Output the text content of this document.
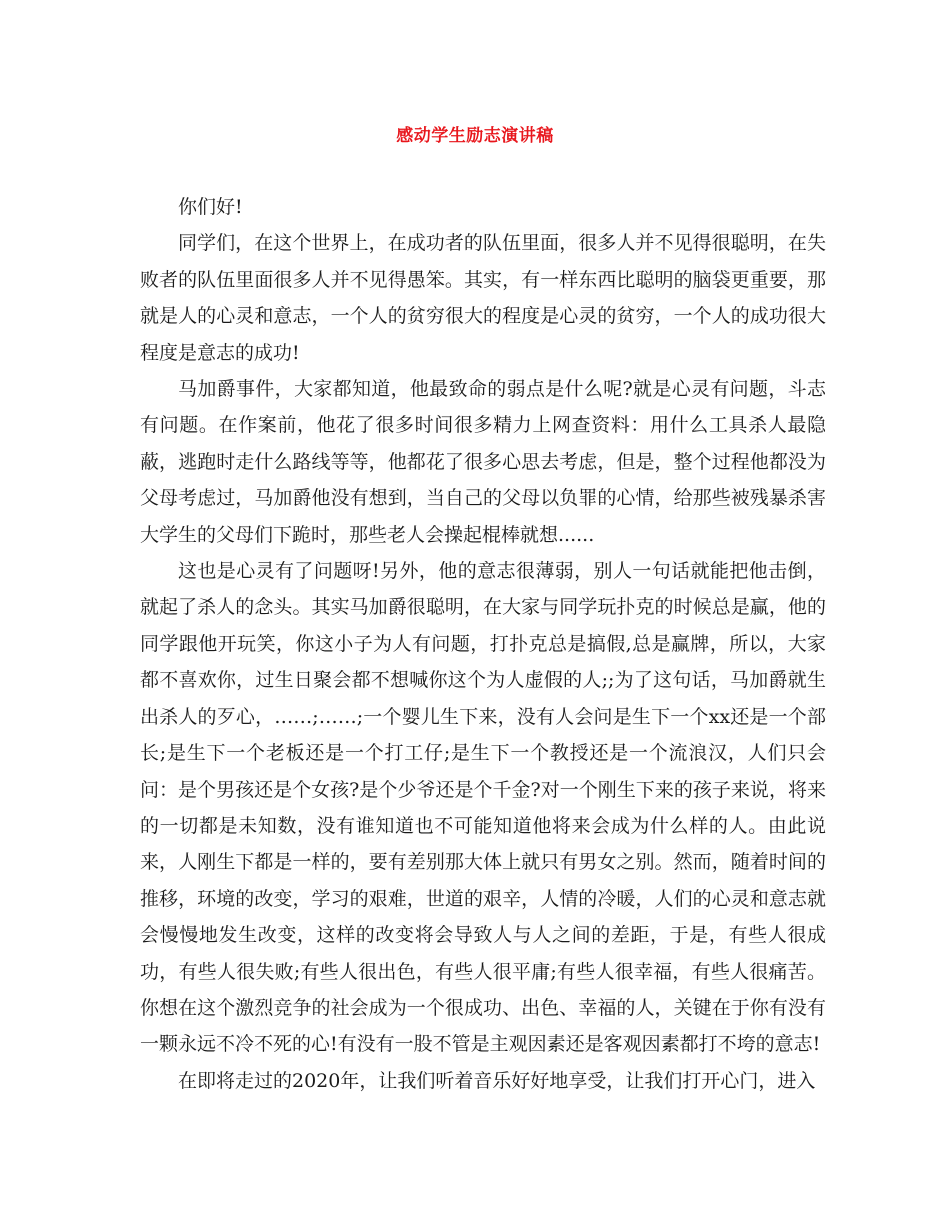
感动学生励志演讲稿

你们好!

同学们，在这个世界上，在成功者的队伍里面，很多人并不见得很聪明，在失败者的队伍里面很多人并不见得愚笨。其实，有一样东西比聪明的脑袋更重要，那就是人的心灵和意志，一个人的贫穷很大的程度是心灵的贫穷，一个人的成功很大程度是意志的成功!

马加爵事件，大家都知道，他最致命的弱点是什么呢?就是心灵有问题，斗志有问题。在作案前，他花了很多时间很多精力上网查资料：用什么工具杀人最隐蔽，逃跑时走什么路线等等，他都花了很多心思去考虑，但是，整个过程他都没为父母考虑过，马加爵他没有想到，当自己的父母以负罪的心情，给那些被残暴杀害大学生的父母们下跪时，那些老人会操起棍棒就想......

这也是心灵有了问题呀!另外，他的意志很薄弱，别人一句话就能把他击倒，就起了杀人的念头。其实马加爵很聪明，在大家与同学玩扑克的时候总是赢，他的同学跟他开玩笑，你这小子为人有问题，打扑克总是搞假,总是赢牌，所以，大家都不喜欢你，过生日聚会都不想喊你这个为人虚假的人;;为了这句话，马加爵就生出杀人的歹心，……;……;一个婴儿生下来，没有人会问是生下一个xx还是一个部长;是生下一个老板还是一个打工仔;是生下一个教授还是一个流浪汉，人们只会问：是个男孩还是个女孩?是个少爷还是个千金?对一个刚生下来的孩子来说，将来的一切都是未知数，没有谁知道也不可能知道他将来会成为什么样的人。由此说来，人刚生下都是一样的，要有差别那大体上就只有男女之别。然而，随着时间的推移，环境的改变，学习的艰难，世道的艰辛，人情的冷暖，人们的心灵和意志就会慢慢地发生改变，这样的改变将会导致人与人之间的差距，于是，有些人很成功，有些人很失败;有些人很出色，有些人很平庸;有些人很幸福，有些人很痛苦。你想在这个激烈竞争的社会成为一个很成功、出色、幸福的人，关键在于你有没有一颗永远不冷不死的心!有没有一股不管是主观因素还是客观因素都打不垮的意志!

在即将走过的2020年，让我们听着音乐好好地享受，让我们打开心门，进入
